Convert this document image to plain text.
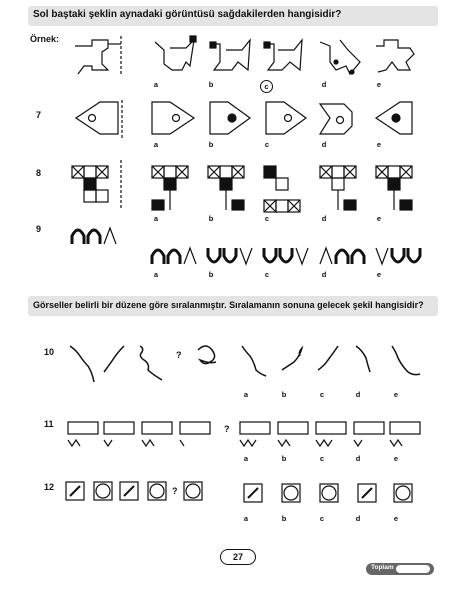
Sol baştaki şeklin aynadaki görüntüsü sağdakilerden hangisidir?
Örnek:
Görseller belirli bir düzene göre sıralanmıştır. Sıralamanın sonuna gelecek şekil hangisidir?
7
8
9
10
11
12
?
?
?
a	b	c	d	e
a	b	c	d	e
a	b	c	d	e
a	b	c	d	e
a	b	c	d	e
a	b	c	d	e
a	b	c	d	e
27
Toplam
